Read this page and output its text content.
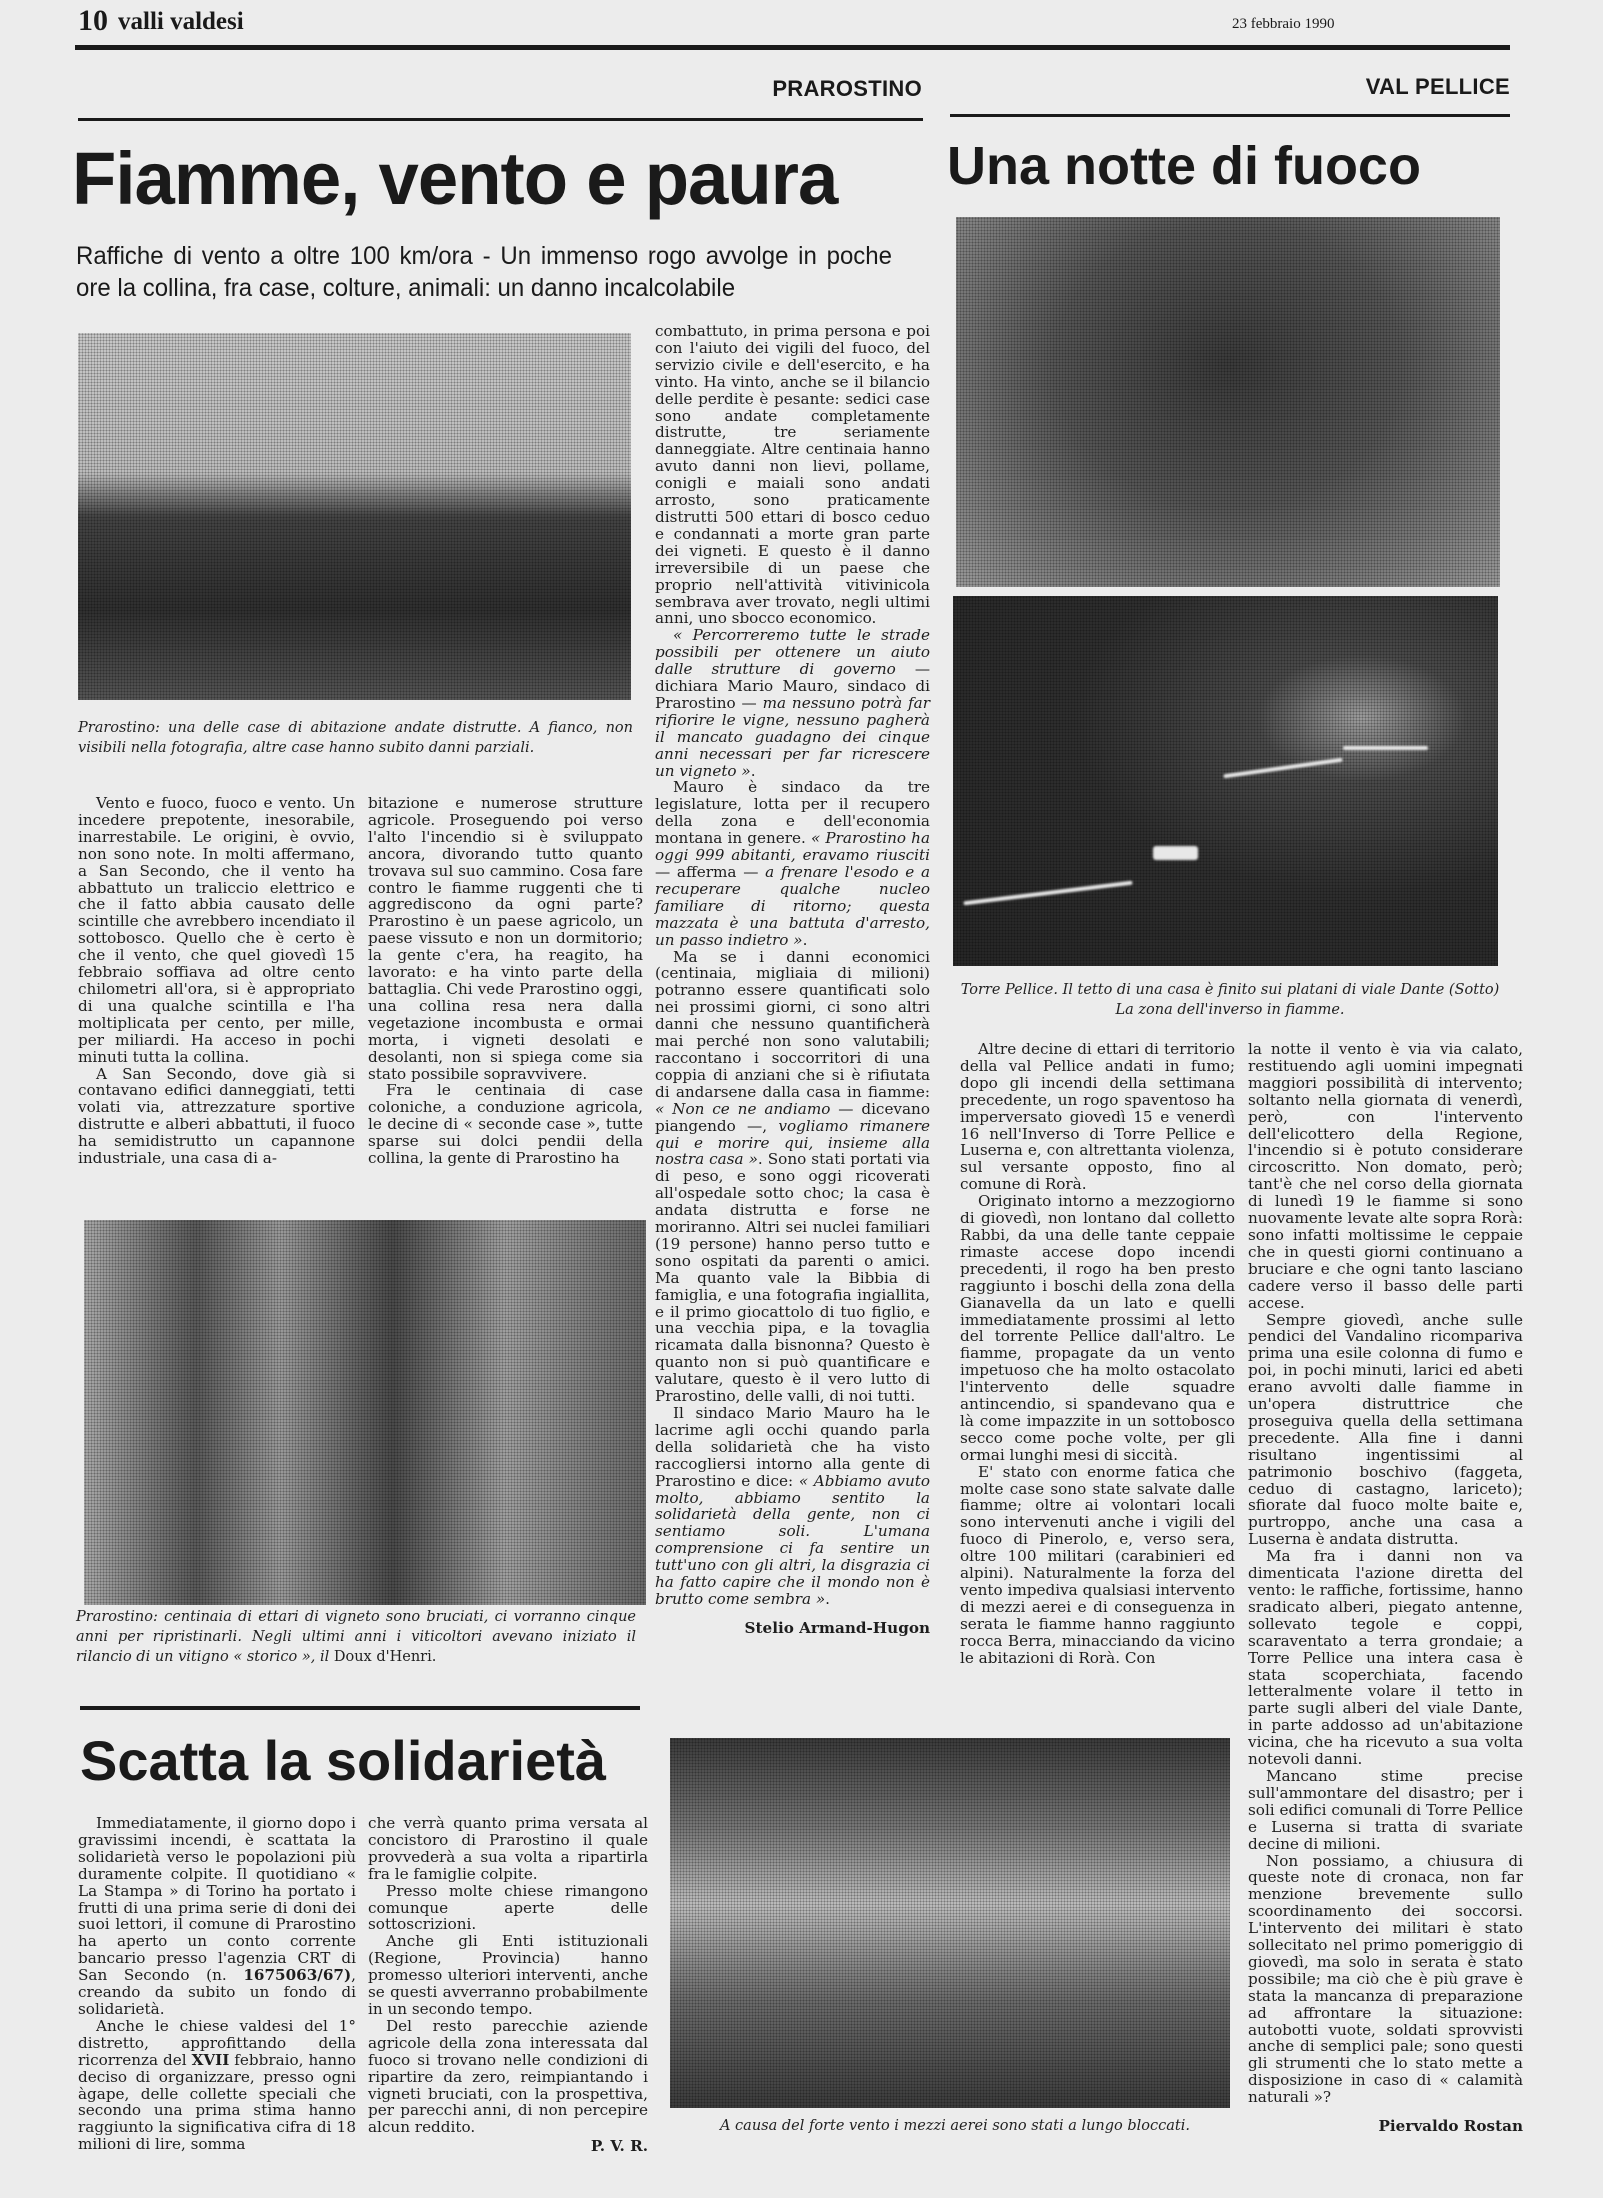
10 valli valdesi	23 febbraio 1990
PRAROSTINO	VAL PELLICE
Fiamme, vento e paura Una notte di fuoco
Raffiche di vento a oltre 100 km/ora - Un immenso rogo avvolge in poche ore la collina, fra case, colture, animali: un danno incalcolabile
Prarostino: una delle case di abitazione andate distrutte. A fianco, non visibili nella fotografia, altre case hanno subito danni parziali.
Torre Pellice. Il tetto di una casa è finito sui platani di viale Dante (Sotto) La zona dell'inverso in fiamme.
Prarostino: centinaia di ettari di vigneto sono bruciati, ci vorranno cinque anni per ripristinarli. Negli ultimi anni i viticoltori avevano iniziato il rilancio di un vitigno « storico », il Doux d'Henri.
A causa del forte vento i mezzi aerei sono stati a lungo bloccati.

Vento e fuoco, fuoco e vento. Un incedere prepotente, inesorabile, inarrestabile. Le origini, è ovvio, non sono note. In molti affermano, a San Secondo, che il vento ha abbattuto un traliccio elettrico e che il fatto abbia causato delle scintille che avrebbero incendiato il sottobosco. Quello che è certo è che il vento, che quel giovedì 15 febbraio soffiava ad oltre cento chilometri all'ora, si è appropriato di una qualche scintilla e l'ha moltiplicata per cento, per mille, per miliardi. Ha acceso in pochi minuti tutta la collina.

A San Secondo, dove già si contavano edifici danneggiati, tetti volati via, attrezzature sportive distrutte e alberi abbattuti, il fuoco ha semidistrutto un capannone industriale, una casa di a-

bitazione e numerose strutture agricole. Proseguendo poi verso l'alto l'incendio si è sviluppato ancora, divorando tutto quanto trovava sul suo cammino. Cosa fare contro le fiamme ruggenti che ti aggrediscono da ogni parte? Prarostino è un paese agricolo, un paese vissuto e non un dormitorio; la gente c'era, ha reagito, ha lavorato: e ha vinto parte della battaglia. Chi vede Prarostino oggi, una collina resa nera dalla vegetazione incombusta e ormai morta, i vigneti desolati e desolanti, non si spiega come sia stato possibile sopravvivere.

Fra le centinaia di case coloniche, a conduzione agricola, le decine di « seconde case », tutte sparse sui dolci pendii della collina, la gente di Prarostino ha

combattuto, in prima persona e poi con l'aiuto dei vigili del fuoco, del servizio civile e dell'esercito, e ha vinto. Ha vinto, anche se il bilancio delle perdite è pesante: sedici case sono andate completamente distrutte, tre seriamente danneggiate. Altre centinaia hanno avuto danni non lievi, pollame, conigli e maiali sono andati arrosto, sono praticamente distrutti 500 ettari di bosco ceduo e condannati a morte gran parte dei vigneti. E questo è il danno irreversibile di un paese che proprio nell'attività vitivinicola sembrava aver trovato, negli ultimi anni, uno sbocco economico.

« Percorreremo tutte le strade possibili per ottenere un aiuto dalle strutture di governo — dichiara Mario Mauro, sindaco di Prarostino — ma nessuno potrà far rifiorire le vigne, nessuno pagherà il mancato guadagno dei cinque anni necessari per far ricrescere un vigneto ».

Mauro è sindaco da tre legislature, lotta per il recupero della zona e dell'economia montana in genere. « Prarostino ha oggi 999 abitanti, eravamo riusciti — afferma — a frenare l'esodo e a recuperare qualche nucleo familiare di ritorno; questa mazzata è una battuta d'arresto, un passo indietro ».

Ma se i danni economici (centinaia, migliaia di milioni) potranno essere quantificati solo nei prossimi giorni, ci sono altri danni che nessuno quantificherà mai perché non sono valutabili; raccontano i soccorritori di una coppia di anziani che si è rifiutata di andarsene dalla casa in fiamme: « Non ce ne andiamo — dicevano piangendo —, vogliamo rimanere qui e morire qui, insieme alla nostra casa ». Sono stati portati via di peso, e sono oggi ricoverati all'ospedale sotto choc; la casa è andata distrutta e forse ne moriranno. Altri sei nuclei familiari (19 persone) hanno perso tutto e sono ospitati da parenti o amici. Ma quanto vale la Bibbia di famiglia, e una fotografia ingiallita, e il primo giocattolo di tuo figlio, e una vecchia pipa, e la tovaglia ricamata dalla bisnonna? Questo è quanto non si può quantificare e valutare, questo è il vero lutto di Prarostino, delle valli, di noi tutti.

Il sindaco Mario Mauro ha le lacrime agli occhi quando parla della solidarietà che ha visto raccogliersi intorno alla gente di Prarostino e dice: « Abbiamo avuto molto, abbiamo sentito la solidarietà della gente, non ci sentiamo soli. L'umana comprensione ci fa sentire un tutt'uno con gli altri, la disgrazia ci ha fatto capire che il mondo non è brutto come sembra ».

Stelio Armand-Hugon

Altre decine di ettari di territorio della val Pellice andati in fumo; dopo gli incendi della settimana precedente, un rogo spaventoso ha imperversato giovedì 15 e venerdì 16 nell'Inverso di Torre Pellice e Luserna e, con altrettanta violenza, sul versante opposto, fino al comune di Rorà.

Originato intorno a mezzogiorno di giovedì, non lontano dal colletto Rabbi, da una delle tante ceppaie rimaste accese dopo incendi precedenti, il rogo ha ben presto raggiunto i boschi della zona della Gianavella da un lato e quelli immediatamente prossimi al letto del torrente Pellice dall'altro. Le fiamme, propagate da un vento impetuoso che ha molto ostacolato l'intervento delle squadre antincendio, si spandevano qua e là come impazzite in un sottobosco secco come poche volte, per gli ormai lunghi mesi di siccità.

E' stato con enorme fatica che molte case sono state salvate dalle fiamme; oltre ai volontari locali sono intervenuti anche i vigili del fuoco di Pinerolo, e, verso sera, oltre 100 militari (carabinieri ed alpini). Naturalmente la forza del vento impediva qualsiasi intervento di mezzi aerei e di conseguenza in serata le fiamme hanno raggiunto rocca Berra, minacciando da vicino le abitazioni di Rorà. Con

la notte il vento è via via calato, restituendo agli uomini impegnati maggiori possibilità di intervento; soltanto nella giornata di venerdì, però, con l'intervento dell'elicottero della Regione, l'incendio si è potuto considerare circoscritto. Non domato, però; tant'è che nel corso della giornata di lunedì 19 le fiamme si sono nuovamente levate alte sopra Rorà: sono infatti moltissime le ceppaie che in questi giorni continuano a bruciare e che ogni tanto lasciano cadere verso il basso delle parti accese.

Sempre giovedì, anche sulle pendici del Vandalino ricompariva prima una esile colonna di fumo e poi, in pochi minuti, larici ed abeti erano avvolti dalle fiamme in un'opera distruttrice che proseguiva quella della settimana precedente. Alla fine i danni risultano ingentissimi al patrimonio boschivo (faggeta, ceduo di castagno, lariceto); sfiorate dal fuoco molte baite e, purtroppo, anche una casa a Luserna è andata distrutta.

Ma fra i danni non va dimenticata l'azione diretta del vento: le raffiche, fortissime, hanno sradicato alberi, piegato antenne, sollevato tegole e coppi, scaraventato a terra grondaie; a Torre Pellice una intera casa è stata scoperchiata, facendo letteralmente volare il tetto in parte sugli alberi del viale Dante, in parte addosso ad un'abitazione vicina, che ha ricevuto a sua volta notevoli danni.

Mancano stime precise sull'ammontare del disastro; per i soli edifici comunali di Torre Pellice e Luserna si tratta di svariate decine di milioni.

Non possiamo, a chiusura di queste note di cronaca, non far menzione brevemente sullo scoordinamento dei soccorsi. L'intervento dei militari è stato sollecitato nel primo pomeriggio di giovedì, ma solo in serata è stato possibile; ma ciò che è più grave è stata la mancanza di preparazione ad affrontare la situazione: autobotti vuote, soldati sprovvisti anche di semplici pale; sono questi gli strumenti che lo stato mette a disposizione in caso di « calamità naturali »?

Piervaldo Rostan

Scatta la solidarietà

Immediatamente, il giorno dopo i gravissimi incendi, è scattata la solidarietà verso le popolazioni più duramente colpite. Il quotidiano « La Stampa » di Torino ha portato i frutti di una prima serie di doni dei suoi lettori, il comune di Prarostino ha aperto un conto corrente bancario presso l'agenzia CRT di San Secondo (n. 1675063/67), creando da subito un fondo di solidarietà.

Anche le chiese valdesi del 1° distretto, approfittando della ricorrenza del XVII febbraio, hanno deciso di organizzare, presso ogni àgape, delle collette speciali che secondo una prima stima hanno raggiunto la significativa cifra di 18 milioni di lire, somma

che verrà quanto prima versata al concistoro di Prarostino il quale provvederà a sua volta a ripartirla fra le famiglie colpite.

Presso molte chiese rimangono comunque aperte delle sottoscrizioni.

Anche gli Enti istituzionali (Regione, Provincia) hanno promesso ulteriori interventi, anche se questi avverranno probabilmente in un secondo tempo.

Del resto parecchie aziende agricole della zona interessata dal fuoco si trovano nelle condizioni di ripartire da zero, reimpiantando i vigneti bruciati, con la prospettiva, per parecchi anni, di non percepire alcun reddito.

P. V. R.
